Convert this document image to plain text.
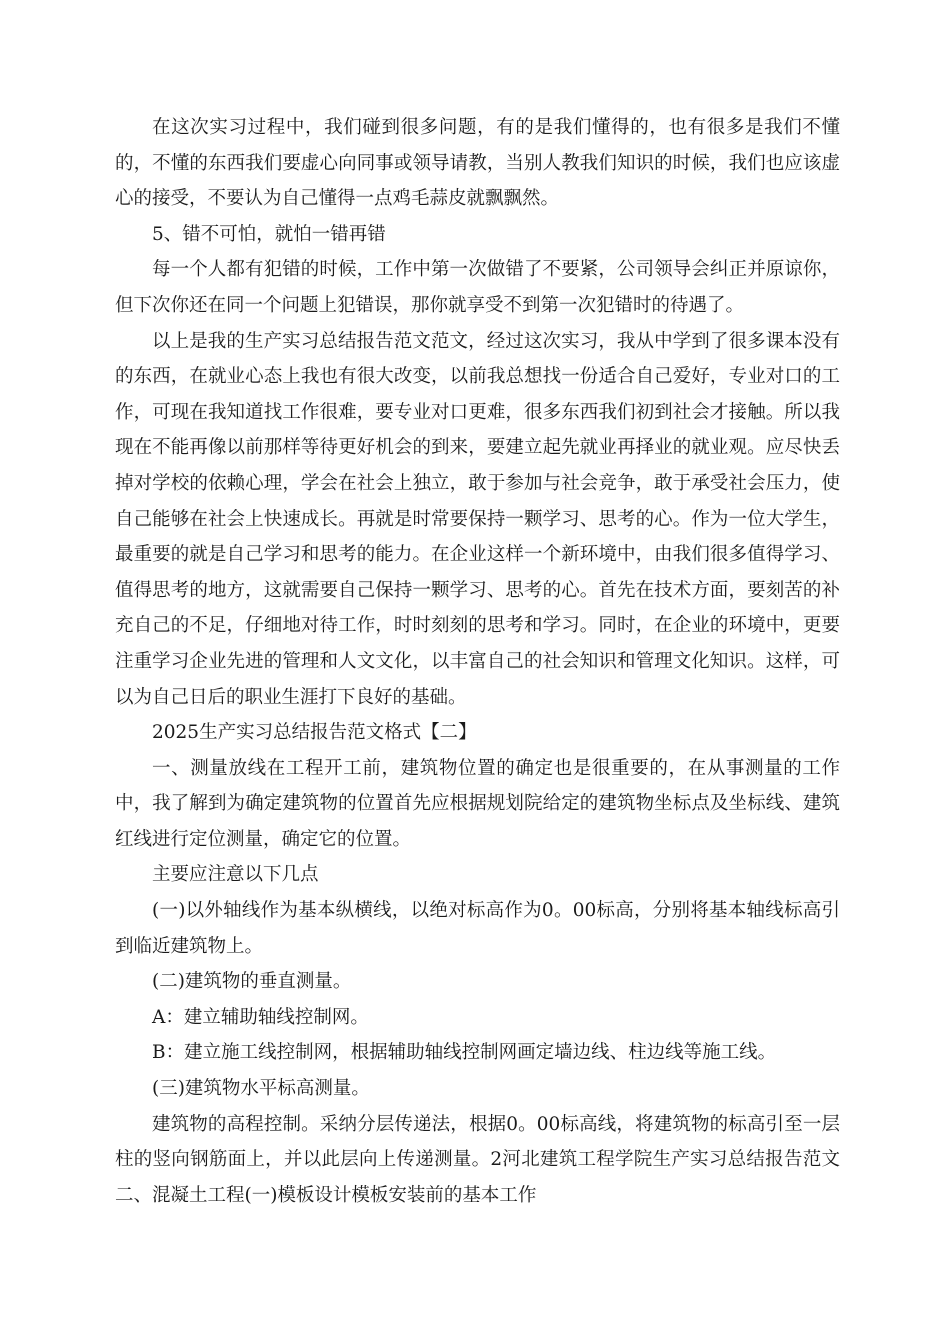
在这次实习过程中，我们碰到很多问题，有的是我们懂得的，也有很多是我们不懂的，不懂的东西我们要虚心向同事或领导请教，当别人教我们知识的时候，我们也应该虚心的接受，不要认为自己懂得一点鸡毛蒜皮就飘飘然。

5、错不可怕，就怕一错再错

每一个人都有犯错的时候，工作中第一次做错了不要紧，公司领导会纠正并原谅你，但下次你还在同一个问题上犯错误，那你就享受不到第一次犯错时的待遇了。

以上是我的生产实习总结报告范文范文，经过这次实习，我从中学到了很多课本没有的东西，在就业心态上我也有很大改变，以前我总想找一份适合自己爱好，专业对口的工作，可现在我知道找工作很难，要专业对口更难，很多东西我们初到社会才接触。所以我现在不能再像以前那样等待更好机会的到来，要建立起先就业再择业的就业观。应尽快丢掉对学校的依赖心理，学会在社会上独立，敢于参加与社会竞争，敢于承受社会压力，使自己能够在社会上快速成长。再就是时常要保持一颗学习、思考的心。作为一位大学生，最重要的就是自己学习和思考的能力。在企业这样一个新环境中，由我们很多值得学习、值得思考的地方，这就需要自己保持一颗学习、思考的心。首先在技术方面，要刻苦的补充自己的不足，仔细地对待工作，时时刻刻的思考和学习。同时，在企业的环境中，更要注重学习企业先进的管理和人文文化，以丰富自己的社会知识和管理文化知识。这样，可以为自己日后的职业生涯打下良好的基础。

2025生产实习总结报告范文格式【二】

一、测量放线在工程开工前，建筑物位置的确定也是很重要的，在从事测量的工作中，我了解到为确定建筑物的位置首先应根据规划院给定的建筑物坐标点及坐标线、建筑红线进行定位测量，确定它的位置。

主要应注意以下几点

(一)以外轴线作为基本纵横线，以绝对标高作为0。00标高，分别将基本轴线标高引到临近建筑物上。

(二)建筑物的垂直测量。

A：建立辅助轴线控制网。

B：建立施工线控制网，根据辅助轴线控制网画定墙边线、柱边线等施工线。

(三)建筑物水平标高测量。

建筑物的高程控制。采纳分层传递法，根据0。00标高线，将建筑物的标高引至一层柱的竖向钢筋面上，并以此层向上传递测量。2河北建筑工程学院生产实习总结报告范文二、混凝土工程(一)模板设计模板安装前的基本工作
